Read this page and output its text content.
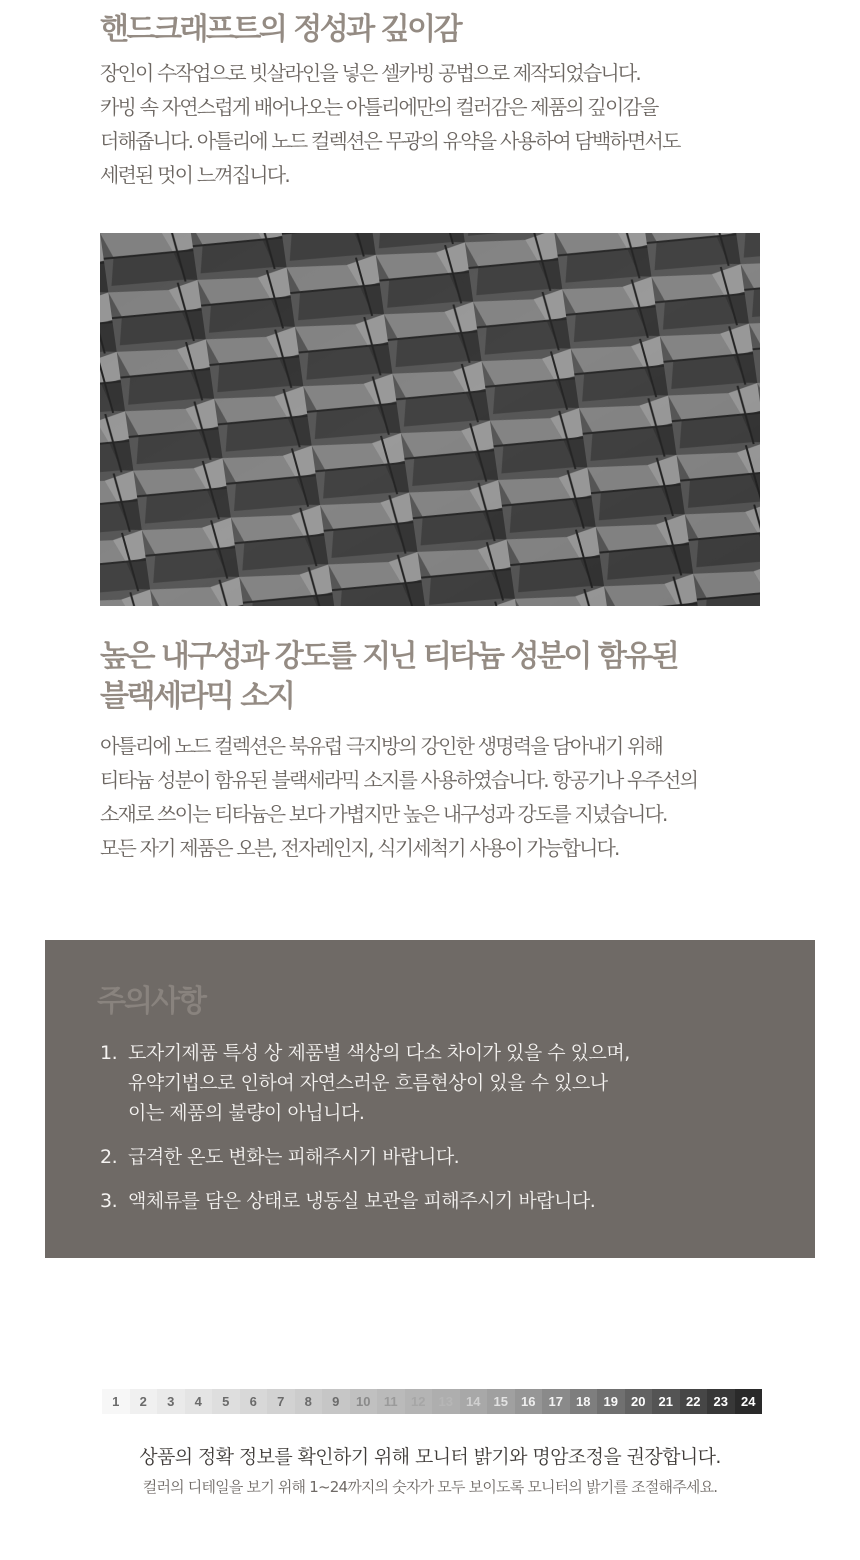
핸드크래프트의 정성과 깊이감

장인이 수작업으로 빗살라인을 넣은 셀카빙 공법으로 제작되었습니다.
카빙 속 자연스럽게 배어나오는 아틀리에만의 컬러감은 제품의 깊이감을
더해줍니다. 아틀리에 노드 컬렉션은 무광의 유약을 사용하여 담백하면서도
세련된 멋이 느껴집니다.

높은 내구성과 강도를 지닌 티타늄 성분이 함유된
블랙세라믹 소지

아틀리에 노드 컬렉션은 북유럽 극지방의 강인한 생명력을 담아내기 위해
티타늄 성분이 함유된 블랙세라믹 소지를 사용하였습니다. 항공기나 우주선의
소재로 쓰이는 티타늄은 보다 가볍지만 높은 내구성과 강도를 지녔습니다.
모든 자기 제품은 오븐, 전자레인지, 식기세척기 사용이 가능합니다.

주의사항
1. 도자기제품 특성 상 제품별 색상의 다소 차이가 있을 수 있으며,
유약기법으로 인하여 자연스러운 흐름현상이 있을 수 있으나
이는 제품의 불량이 아닙니다.
2. 급격한 온도 변화는 피해주시기 바랍니다.
3. 액체류를 담은 상태로 냉동실 보관을 피해주시기 바랍니다.
1	2	3	4	5	6	7	8	9	10	11	12	13	14	15	16	17	18	19	20	21	22	23	24
상품의 정확 정보를 확인하기 위해 모니터 밝기와 명암조정을 권장합니다.
컬러의 디테일을 보기 위해 1~24까지의 숫자가 모두 보이도록 모니터의 밝기를 조절해주세요.
